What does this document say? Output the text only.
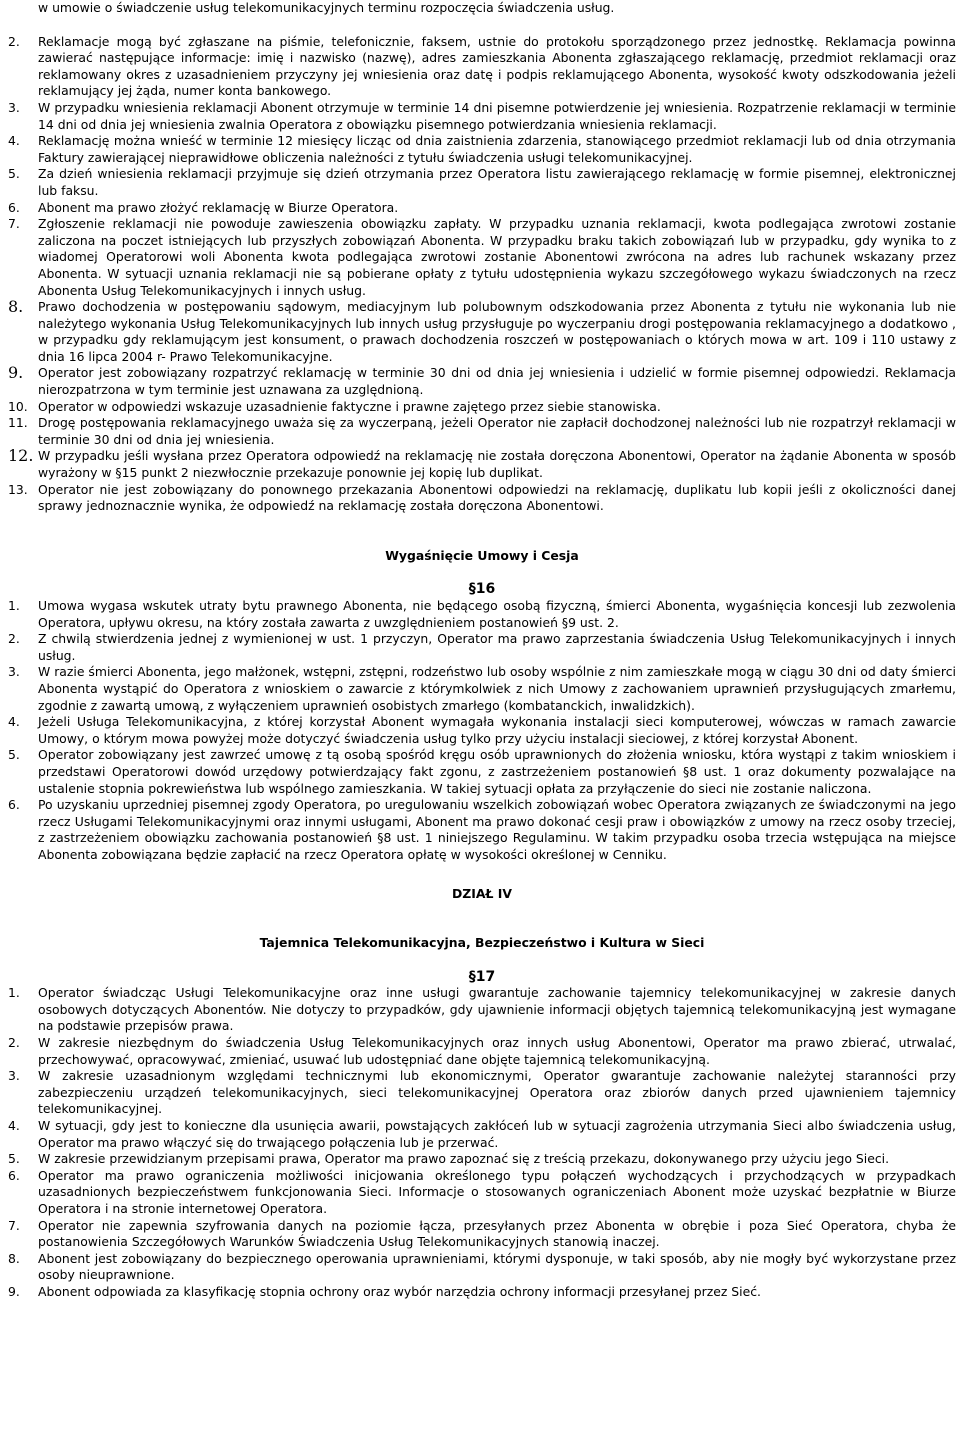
w umowie o świadczenie usług telekomunikacyjnych terminu rozpoczęcia świadczenia usług.

2.	Reklamacje mogą być zgłaszane na piśmie, telefonicznie, faksem, ustnie do protokołu sporządzonego przez jednostkę. Reklamacja powinna zawierać następujące informacje: imię i nazwisko (nazwę), adres zamieszkania Abonenta zgłaszającego reklamację, przedmiot reklamacji oraz reklamowany okres z uzasadnieniem przyczyny jej wniesienia oraz datę i podpis reklamującego Abonenta, wysokość kwoty odszkodowania jeżeli reklamujący jej żąda, numer konta bankowego.

3.	W przypadku wniesienia reklamacji Abonent otrzymuje w terminie 14 dni pisemne potwierdzenie jej wniesienia. Rozpatrzenie reklamacji w terminie 14 dni od dnia jej wniesienia zwalnia Operatora z obowiązku pisemnego potwierdzania wniesienia reklamacji.

4.	Reklamację można wnieść w terminie 12 miesięcy licząc od dnia zaistnienia zdarzenia, stanowiącego przedmiot reklamacji lub od dnia otrzymania Faktury zawierającej nieprawidłowe obliczenia należności z tytułu świadczenia usługi telekomunikacyjnej.

5.	Za dzień wniesienia reklamacji przyjmuje się dzień otrzymania przez Operatora listu zawierającego reklamację w formie pisemnej, elektronicznej lub faksu.

6.	Abonent ma prawo złożyć reklamację w Biurze Operatora.

7.	Zgłoszenie reklamacji nie powoduje zawieszenia obowiązku zapłaty. W przypadku uznania reklamacji, kwota podlegająca zwrotowi zostanie zaliczona na poczet istniejących lub przyszłych zobowiązań Abonenta. W przypadku braku takich zobowiązań lub w przypadku, gdy wynika to z wiadomej Operatorowi woli Abonenta kwota podlegająca zwrotowi zostanie Abonentowi zwrócona na adres lub rachunek wskazany przez Abonenta. W sytuacji uznania reklamacji nie są pobierane opłaty z tytułu udostępnienia wykazu szczegółowego wykazu świadczonych na rzecz Abonenta Usług Telekomunikacyjnych i innych usług.

8.	Prawo dochodzenia w postępowaniu sądowym, mediacyjnym lub polubownym odszkodowania przez Abonenta z tytułu nie wykonania lub nie należytego wykonania Usług Telekomunikacyjnych lub innych usług przysługuje po wyczerpaniu drogi postępowania reklamacyjnego a dodatkowo , w przypadku gdy reklamującym jest konsument, o prawach dochodzenia roszczeń w postępowaniach o których mowa w art. 109 i 110 ustawy z dnia 16 lipca 2004 r- Prawo Telekomunikacyjne.

9.	Operator jest zobowiązany rozpatrzyć reklamację w terminie 30 dni od dnia jej wniesienia i udzielić w formie pisemnej odpowiedzi. Reklamacja nierozpatrzona w tym terminie jest uznawana za uzględnioną.

10. Operator w odpowiedzi wskazuje uzasadnienie faktyczne i prawne zajętego przez siebie stanowiska.

11. Drogę postępowania reklamacyjnego uważa się za wyczerpaną, jeżeli Operator nie zapłacił dochodzonej należności lub nie rozpatrzył reklamacji w terminie 30 dni od dnia jej wniesienia.

12. W przypadku jeśli wysłana przez Operatora odpowiedź na reklamację nie została doręczona Abonentowi, Operator na żądanie Abonenta w sposób wyrażony w §15 punkt 2 niezwłocznie przekazuje ponownie jej kopię lub duplikat.

13. Operator nie jest zobowiązany do ponownego przekazania Abonentowi odpowiedzi na reklamację, duplikatu lub kopii jeśli z okoliczności danej sprawy jednoznacznie wynika, że odpowiedź na reklamację została doręczona Abonentowi.

Wygaśnięcie Umowy i Cesja

§16

1.	Umowa wygasa wskutek utraty bytu prawnego Abonenta, nie będącego osobą fizyczną, śmierci Abonenta, wygaśnięcia koncesji lub zezwolenia Operatora, upływu okresu, na który została zawarta z uwzględnieniem postanowień §9 ust. 2.

2.	Z chwilą stwierdzenia jednej z wymienionej w ust. 1 przyczyn, Operator ma prawo zaprzestania świadczenia Usług Telekomunikacyjnych i innych usług.

3.	W razie śmierci Abonenta, jego małżonek, wstępni, zstępni, rodzeństwo lub osoby wspólnie z nim zamieszkałe mogą w ciągu 30 dni od daty śmierci Abonenta wystąpić do Operatora z wnioskiem o zawarcie z którymkolwiek z nich Umowy z zachowaniem uprawnień przysługujących zmarłemu, zgodnie z zawartą umową, z wyłączeniem uprawnień osobistych zmarłego (kombatanckich, inwalidzkich).

4.	Jeżeli Usługa Telekomunikacyjna, z której korzystał Abonent wymagała wykonania instalacji sieci komputerowej, wówczas w ramach zawarcie Umowy, o którym mowa powyżej może dotyczyć świadczenia usług tylko przy użyciu instalacji sieciowej, z której korzystał Abonent.

5.	Operator zobowiązany jest zawrzeć umowę z tą osobą spośród kręgu osób uprawnionych do złożenia wniosku, która wystąpi z takim wnioskiem i przedstawi Operatorowi dowód urzędowy potwierdzający fakt zgonu, z zastrzeżeniem postanowień §8 ust. 1 oraz dokumenty pozwalające na ustalenie stopnia pokrewieństwa lub wspólnego zamieszkania. W takiej sytuacji opłata za przyłączenie do sieci nie zostanie naliczona.

6.	Po uzyskaniu uprzedniej pisemnej zgody Operatora, po uregulowaniu wszelkich zobowiązań wobec Operatora związanych ze świadczonymi na jego rzecz Usługami Telekomunikacyjnymi oraz innymi usługami, Abonent ma prawo dokonać cesji praw i obowiązków z umowy na rzecz osoby trzeciej, z zastrzeżeniem obowiązku zachowania postanowień §8 ust. 1 niniejszego Regulaminu. W takim przypadku osoba trzecia wstępująca na miejsce Abonenta zobowiązana będzie zapłacić na rzecz Operatora opłatę w wysokości określonej w Cenniku.

DZIAŁ IV

Tajemnica Telekomunikacyjna, Bezpieczeństwo i Kultura w Sieci

§17

1.	Operator świadcząc Usługi Telekomunikacyjne oraz inne usługi gwarantuje zachowanie tajemnicy telekomunikacyjnej w zakresie danych osobowych dotyczących Abonentów. Nie dotyczy to przypadków, gdy ujawnienie informacji objętych tajemnicą telekomunikacyjną jest wymagane na podstawie przepisów prawa.

2.	W zakresie niezbędnym do świadczenia Usług Telekomunikacyjnych oraz innych usług Abonentowi, Operator ma prawo zbierać, utrwalać, przechowywać, opracowywać, zmieniać, usuwać lub udostępniać dane objęte tajemnicą telekomunikacyjną.

3.	W zakresie uzasadnionym względami technicznymi lub ekonomicznymi, Operator gwarantuje zachowanie należytej staranności przy zabezpieczeniu urządzeń telekomunikacyjnych, sieci telekomunikacyjnej Operatora oraz zbiorów danych przed ujawnieniem tajemnicy telekomunikacyjnej.

4.	W sytuacji, gdy jest to konieczne dla usunięcia awarii, powstających zakłóceń lub w sytuacji zagrożenia utrzymania Sieci albo świadczenia usług, Operator ma prawo włączyć się do trwającego połączenia lub je przerwać.

5.	W zakresie przewidzianym przepisami prawa, Operator ma prawo zapoznać się z treścią przekazu, dokonywanego przy użyciu jego Sieci.

6.	Operator ma prawo ograniczenia możliwości inicjowania określonego typu połączeń wychodzących i przychodzących w przypadkach uzasadnionych bezpieczeństwem funkcjonowania Sieci. Informacje o stosowanych ograniczeniach Abonent może uzyskać bezpłatnie w Biurze Operatora i na stronie internetowej Operatora.

7.	Operator nie zapewnia szyfrowania danych na poziomie łącza, przesyłanych przez Abonenta w obrębie i poza Sieć Operatora, chyba że postanowienia Szczegółowych Warunków Świadczenia Usług Telekomunikacyjnych stanowią inaczej.

8.	Abonent jest zobowiązany do bezpiecznego operowania uprawnieniami, którymi dysponuje, w taki sposób, aby nie mogły być wykorzystane przez osoby nieuprawnione.

9.	Abonent odpowiada za klasyfikację stopnia ochrony oraz wybór narzędzia ochrony informacji przesyłanej przez Sieć.
